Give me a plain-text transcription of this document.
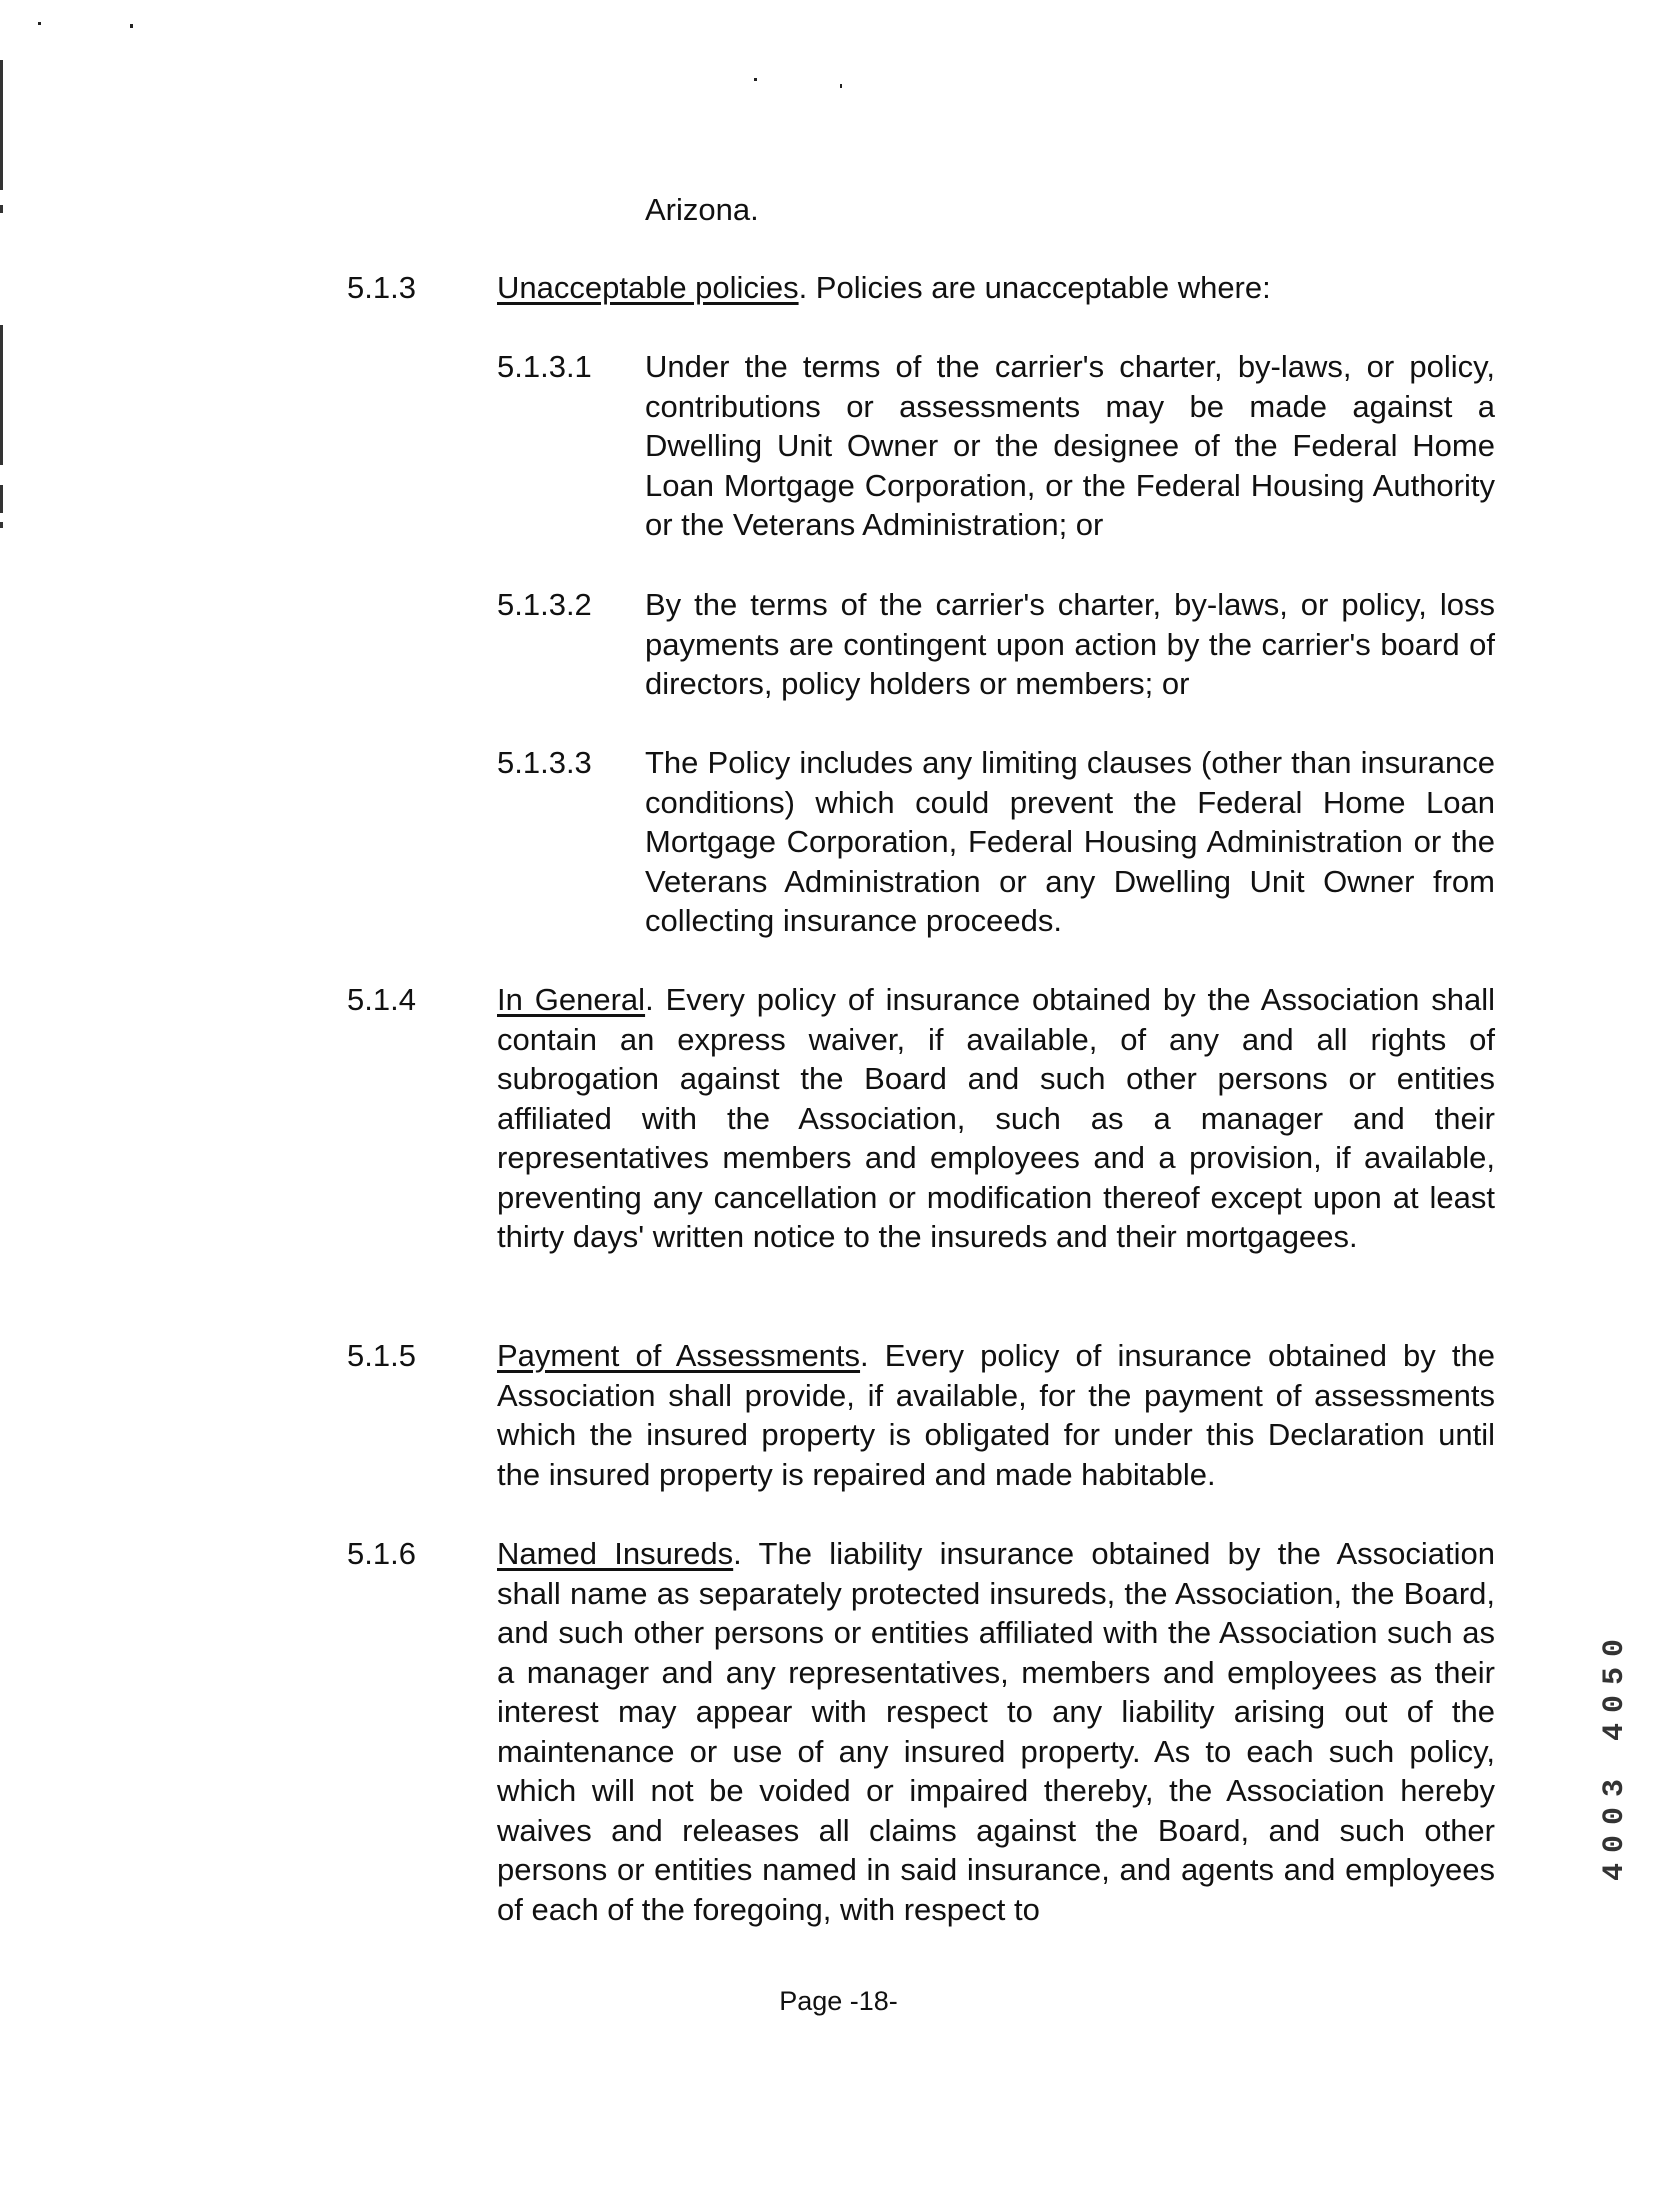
Arizona.
5.1.3	Unacceptable policies. Policies are unacceptable where:
5.1.3.1 Under the terms of the carrier's charter, by-laws, or policy, contributions or assessments may be made against a Dwelling Unit Owner or the designee of the Federal Home Loan Mortgage Corporation, or the Federal Housing Authority or the Veterans Administration; or
5.1.3.2 By the terms of the carrier's charter, by-laws, or policy, loss payments are contingent upon action by the carrier's board of directors, policy holders or members; or
5.1.3.3 The Policy includes any limiting clauses (other than insurance conditions) which could prevent the Federal Home Loan Mortgage Corporation, Federal Housing Administration or the Veterans Administration or any Dwelling Unit Owner from collecting insurance proceeds.
5.1.4	In General. Every policy of insurance obtained by the Association shall contain an express waiver, if available, of any and all rights of subrogation against the Board and such other persons or entities affiliated with the Association, such as a manager and their representatives members and employees and a provision, if available, preventing any cancellation or modification thereof except upon at least thirty days' written notice to the insureds and their mortgagees.
5.1.5	Payment of Assessments. Every policy of insurance obtained by the Association shall provide, if available, for the payment of assessments which the insured property is obligated for under this Declaration until the insured property is repaired and made habitable.
5.1.6	Named Insureds. The liability insurance obtained by the Association shall name as separately protected insureds, the Association, the Board, and such other persons or entities affiliated with the Association such as a manager and any representatives, members and employees as their interest may appear with respect to any liability arising out of the maintenance or use of any insured property. As to each such policy, which will not be voided or impaired thereby, the Association hereby waives and releases all claims against the Board, and such other persons or entities named in said insurance, and agents and employees of each of the foregoing, with respect to
Page -18-
4003 4050
